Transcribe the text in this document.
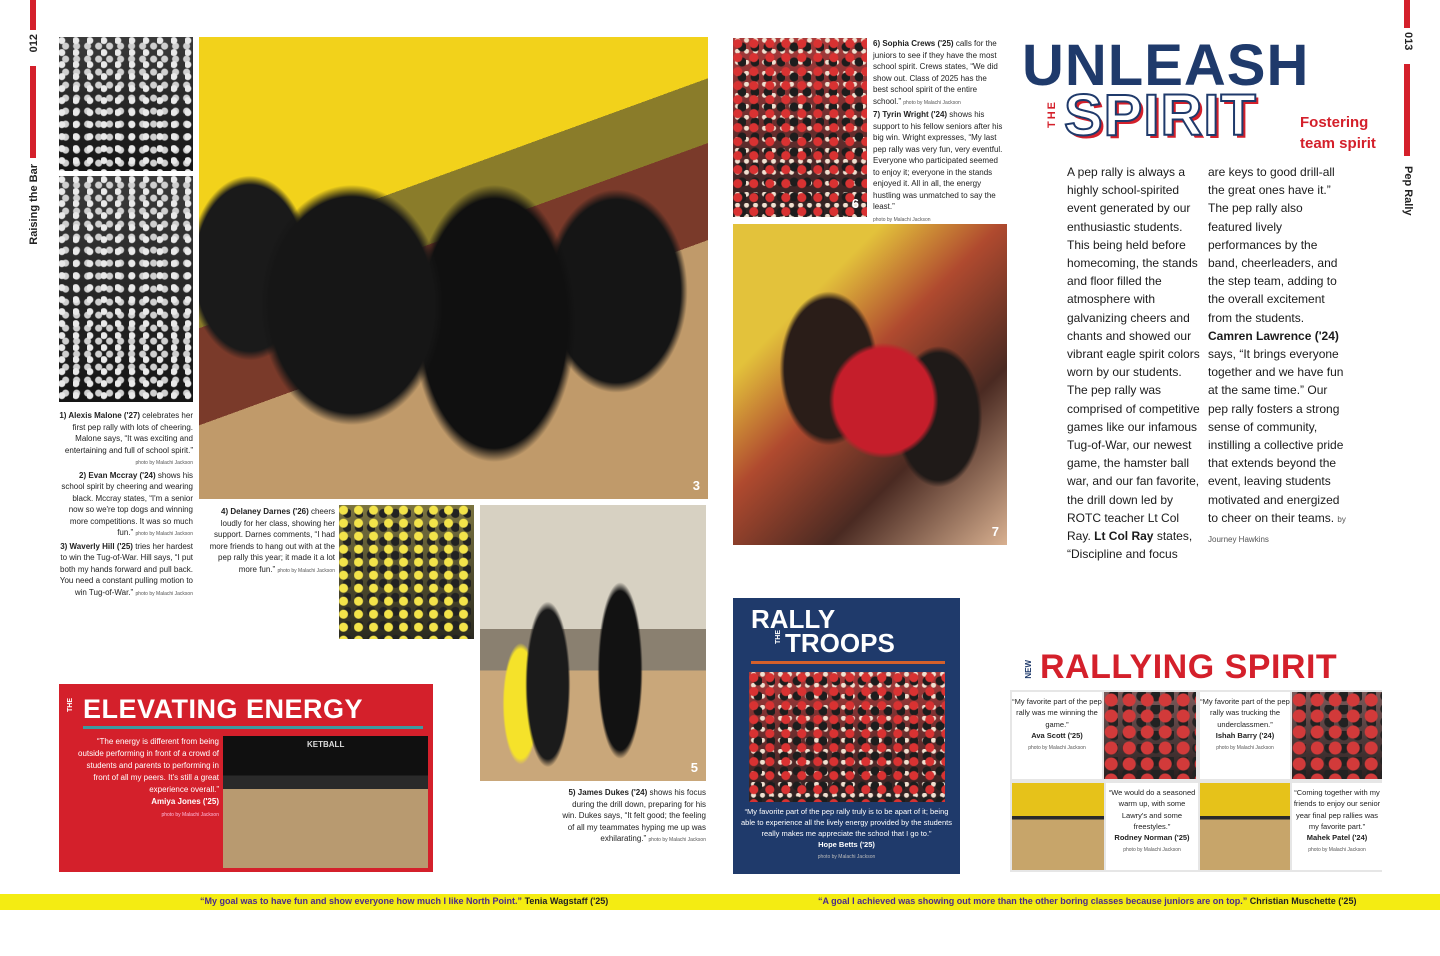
012
Raising the Bar
013
Pep Rally
3
1) Alexis Malone ('27) celebrates her first pep rally with lots of cheering. Malone says, “It was exciting and entertaining and full of school spirit.” photo by Malachi Jackson
2) Evan Mccray ('24) shows his school spirit by cheering and wearing black. Mccray states, “I'm a senior now so we're top dogs and winning more competitions. It was so much fun.” photo by Malachi Jackson
3) Waverly Hill ('25) tries her hardest to win the Tug-of-War. Hill says, “I put both my hands forward and pull back. You need a constant pulling motion to win Tug-of-War.” photo by Malachi Jackson
4) Delaney Darnes ('26) cheers loudly for her class, showing her support. Darnes comments, “I had more friends to hang out with at the pep rally this year; it made it a lot more fun.” photo by Malachi Jackson
5
5) James Dukes ('24) shows his focus during the drill down, preparing for his win. Dukes says, “It felt good; the feeling of all my teammates hyping me up was exhilarating.” photo by Malachi Jackson
THE ELEVATING ENERGY
“The energy is different from being outside performing in front of a crowd of students and parents to performing in front of all my peers. It's still a great experience overall.”
Amiya Jones ('25)
photo by Malachi Jackson
KETBALL
6
6) Sophia Crews ('25) calls for the juniors to see if they have the most school spirit. Crews states, “We did show out. Class of 2025 has the best school spirit of the entire school.” photo by Malachi Jackson
7) Tyrin Wright ('24) shows his support to his fellow seniors after his big win. Wright expresses, “My last pep rally was very fun, very eventful. Everyone who participated seemed to enjoy it; everyone in the stands enjoyed it. All in all, the energy hustling was unmatched to say the least.”
photo by Malachi Jackson
7
UNLEASH
THE SPIRIT	Fostering
team spirit
A pep rally is always a highly school-spirited event generated by our enthusiastic students. This being held before homecoming, the stands and floor filled the atmosphere with galvanizing cheers and chants and showed our vibrant eagle spirit colors worn by our students. The pep rally was comprised of competitive games like our infamous Tug-of-War, our newest game, the hamster ball war, and our fan favorite, the drill down led by ROTC teacher Lt Col Ray. Lt Col Ray states, “Discipline and focus
are keys to good drill-all the great ones have it.” The pep rally also featured lively performances by the band, cheerleaders, and the step team, adding to the overall excitement from the students. Camren Lawrence ('24) says, “It brings everyone together and we have fun at the same time.” Our pep rally fosters a strong sense of community, instilling a collective pride that extends beyond the event, leaving students motivated and energized to cheer on their teams. by Journey Hawkins
RALLY
THE TROOPS
“My favorite part of the pep rally truly is to be apart of it; being able to experience all the lively energy provided by the students really makes me appreciate the school that I go to.”
Hope Betts ('25)
photo by Malachi Jackson
NEW RALLYING SPIRIT
“My favorite part of the pep rally was me winning the game.”
Ava Scott ('25)
photo by Malachi Jackson
“My favorite part of the pep rally was trucking the underclassmen.”
Ishah Barry ('24)
photo by Malachi Jackson
“We would do a seasoned warm up, with some Lawry's and some freestyles.”
Rodney Norman ('25)
photo by Malachi Jackson
“Coming together with my friends to enjoy our senior year final pep rallies was my favorite part.”
Mahek Patel ('24)
photo by Malachi Jackson
“My goal was to have fun and show everyone how much I like North Point.” Tenia Wagstaff ('25)	“A goal I achieved was showing out more than the other boring classes because juniors are on top.” Christian Muschette ('25)
